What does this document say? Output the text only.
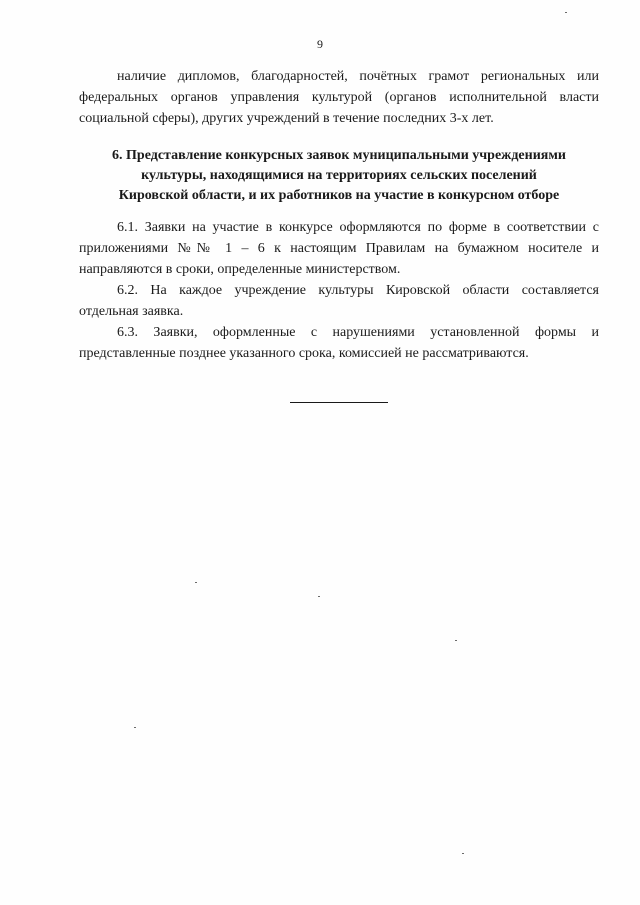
9

наличие дипломов, благодарностей, почётных грамот региональных или федеральных органов управления культурой (органов исполнительной власти социальной сферы), других учреждений в течение последних 3-х лет.

6. Представление конкурсных заявок муниципальными учреждениями
культуры, находящимися на территориях сельских поселений
Кировской области, и их работников на участие в конкурсном отборе

6.1. Заявки на участие в конкурсе оформляются по форме в соответствии с приложениями №№ 1 – 6 к настоящим Правилам на бумажном носителе и направляются в сроки, определенные министерством.

6.2. На каждое учреждение культуры Кировской области составляется отдельная заявка.

6.3. Заявки, оформленные с нарушениями установленной формы и представленные позднее указанного срока, комиссией не рассматриваются.
